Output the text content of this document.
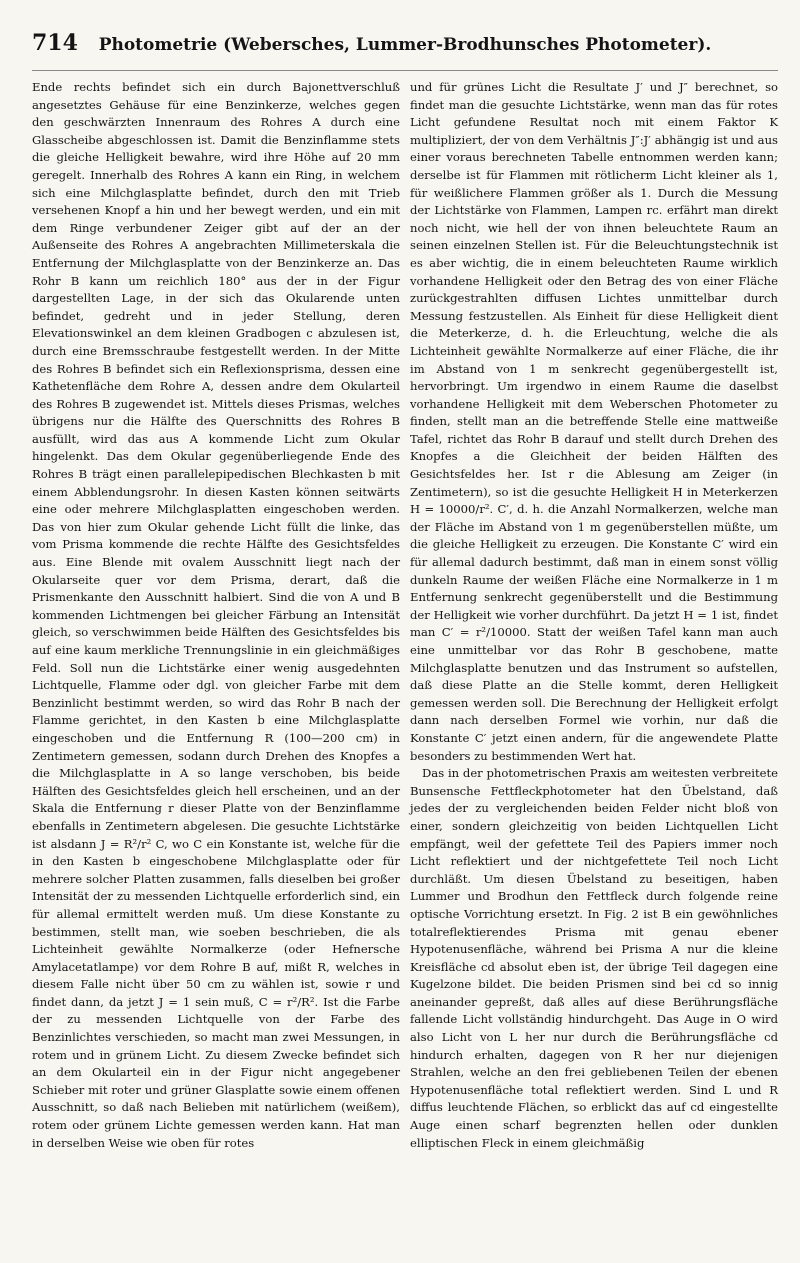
714	Photometrie (Webersches, Lummer-Brodhunsches Photometer).

Ende rechts befindet sich ein durch Bajonettverschluß angesetztes Gehäuse für eine Benzinkerze, welches gegen den geschwärzten Innenraum des Rohres A durch eine Glasscheibe abgeschlossen ist. Damit die Benzinflamme stets die gleiche Helligkeit bewahre, wird ihre Höhe auf 20 mm geregelt. Innerhalb des Rohres A kann ein Ring, in welchem sich eine Milchglasplatte befindet, durch den mit Trieb versehenen Knopf a hin und her bewegt werden, und ein mit dem Ringe verbundener Zeiger gibt auf der an der Außenseite des Rohres A angebrachten Millimeterskala die Entfernung der Milchglasplatte von der Benzinkerze an. Das Rohr B kann um reichlich 180° aus der in der Figur dargestellten Lage, in der sich das Okularende unten befindet, gedreht und in jeder Stellung, deren Elevationswinkel an dem kleinen Gradbogen c abzulesen ist, durch eine Bremsschraube festgestellt werden. In der Mitte des Rohres B befindet sich ein Reflexionsprisma, dessen eine Kathetenfläche dem Rohre A, dessen andre dem Okularteil des Rohres B zugewendet ist. Mittels dieses Prismas, welches übrigens nur die Hälfte des Querschnitts des Rohres B ausfüllt, wird das aus A kommende Licht zum Okular hingelenkt. Das dem Okular gegenüberliegende Ende des Rohres B trägt einen parallelepipedischen Blechkasten b mit einem Abblendungsrohr. In diesen Kasten können seitwärts eine oder mehrere Milchglasplatten eingeschoben werden. Das von hier zum Okular gehende Licht füllt die linke, das vom Prisma kommende die rechte Hälfte des Gesichtsfeldes aus. Eine Blende mit ovalem Ausschnitt liegt nach der Okularseite quer vor dem Prisma, derart, daß die Prismenkante den Ausschnitt halbiert. Sind die von A und B kommenden Lichtmengen bei gleicher Färbung an Intensität gleich, so verschwimmen beide Hälften des Gesichtsfeldes bis auf eine kaum merkliche Trennungslinie in ein gleichmäßiges Feld. Soll nun die Lichtstärke einer wenig ausgedehnten Lichtquelle, Flamme oder dgl. von gleicher Farbe mit dem Benzinlicht bestimmt werden, so wird das Rohr B nach der Flamme gerichtet, in den Kasten b eine Milchglasplatte eingeschoben und die Entfernung R (100—200 cm) in Zentimetern gemessen, sodann durch Drehen des Knopfes a die Milchglasplatte in A so lange verschoben, bis beide Hälften des Gesichtsfeldes gleich hell erscheinen, und an der Skala die Entfernung r dieser Platte von der Benzinflamme ebenfalls in Zentimetern abgelesen. Die gesuchte Lichtstärke ist alsdann J = R²/r² C, wo C ein Konstante ist, welche für die in den Kasten b eingeschobene Milchglasplatte oder für mehrere solcher Platten zusammen, falls dieselben bei großer Intensität der zu messenden Lichtquelle erforderlich sind, ein für allemal ermittelt werden muß. Um diese Konstante zu bestimmen, stellt man, wie soeben beschrieben, die als Lichteinheit gewählte Normalkerze (oder Hefnersche Amylacetatlampe) vor dem Rohre B auf, mißt R, welches in diesem Falle nicht über 50 cm zu wählen ist, sowie r und findet dann, da jetzt J = 1 sein muß, C = r²/R². Ist die Farbe der zu messenden Lichtquelle von der Farbe des Benzinlichtes verschieden, so macht man zwei Messungen, in rotem und in grünem Licht. Zu diesem Zwecke befindet sich an dem Okularteil ein in der Figur nicht angegebener Schieber mit roter und grüner Glasplatte sowie einem offenen Ausschnitt, so daß nach Belieben mit natürlichem (weißem), rotem oder grünem Lichte gemessen werden kann. Hat man in derselben Weise wie oben für rotes

und für grünes Licht die Resultate J′ und J″ berechnet, so findet man die gesuchte Lichtstärke, wenn man das für rotes Licht gefundene Resultat noch mit einem Faktor K multipliziert, der von dem Verhältnis J″:J′ abhängig ist und aus einer voraus berechneten Tabelle entnommen werden kann; derselbe ist für Flammen mit rötlicherm Licht kleiner als 1, für weißlichere Flammen größer als 1. Durch die Messung der Lichtstärke von Flammen, Lampen rc. erfährt man direkt noch nicht, wie hell der von ihnen beleuchtete Raum an seinen einzelnen Stellen ist. Für die Beleuchtungstechnik ist es aber wichtig, die in einem beleuchteten Raume wirklich vorhandene Helligkeit oder den Betrag des von einer Fläche zurückgestrahlten diffusen Lichtes unmittelbar durch Messung festzustellen. Als Einheit für diese Helligkeit dient die Meterkerze, d. h. die Erleuchtung, welche die als Lichteinheit gewählte Normalkerze auf einer Fläche, die ihr im Abstand von 1 m senkrecht gegenübergestellt ist, hervorbringt. Um irgendwo in einem Raume die daselbst vorhandene Helligkeit mit dem Weberschen Photometer zu finden, stellt man an die betreffende Stelle eine mattweiße Tafel, richtet das Rohr B darauf und stellt durch Drehen des Knopfes a die Gleichheit der beiden Hälften des Gesichtsfeldes her. Ist r die Ablesung am Zeiger (in Zentimetern), so ist die gesuchte Helligkeit H in Meterkerzen H = 10000/r². C′, d. h. die Anzahl Normalkerzen, welche man der Fläche im Abstand von 1 m gegenüberstellen müßte, um die gleiche Helligkeit zu erzeugen. Die Konstante C′ wird ein für allemal dadurch bestimmt, daß man in einem sonst völlig dunkeln Raume der weißen Fläche eine Normalkerze in 1 m Entfernung senkrecht gegenüberstellt und die Bestimmung der Helligkeit wie vorher durchführt. Da jetzt H = 1 ist, findet man C′ = r²/10000. Statt der weißen Tafel kann man auch eine unmittelbar vor das Rohr B geschobene, matte Milchglasplatte benutzen und das Instrument so aufstellen, daß diese Platte an die Stelle kommt, deren Helligkeit gemessen werden soll. Die Berechnung der Helligkeit erfolgt dann nach derselben Formel wie vorhin, nur daß die Konstante C′ jetzt einen andern, für die angewendete Platte besonders zu bestimmenden Wert hat.

Das in der photometrischen Praxis am weitesten verbreitete Bunsensche Fettfleckphotometer hat den Übelstand, daß jedes der zu vergleichenden beiden Felder nicht bloß von einer, sondern gleichzeitig von beiden Lichtquellen Licht empfängt, weil der gefettete Teil des Papiers immer noch Licht reflektiert und der nichtgefettete Teil noch Licht durchläßt. Um diesen Übelstand zu beseitigen, haben Lummer und Brodhun den Fettfleck durch folgende reine optische Vorrichtung ersetzt. In Fig. 2 ist B ein gewöhnliches totalreflektierendes Prisma mit genau ebener Hypotenusenfläche, während bei Prisma A nur die kleine Kreisfläche cd absolut eben ist, der übrige Teil dagegen eine Kugelzone bildet. Die beiden Prismen sind bei cd so innig aneinander gepreßt, daß alles auf diese Berührungsfläche fallende Licht vollständig hindurchgeht. Das Auge in O wird also Licht von L her nur durch die Berührungsfläche cd hindurch erhalten, dagegen von R her nur diejenigen Strahlen, welche an den frei gebliebenen Teilen der ebenen Hypotenusenfläche total reflektiert werden. Sind L und R diffus leuchtende Flächen, so erblickt das auf cd eingestellte Auge einen scharf begrenzten hellen oder dunklen elliptischen Fleck in einem gleichmäßig
